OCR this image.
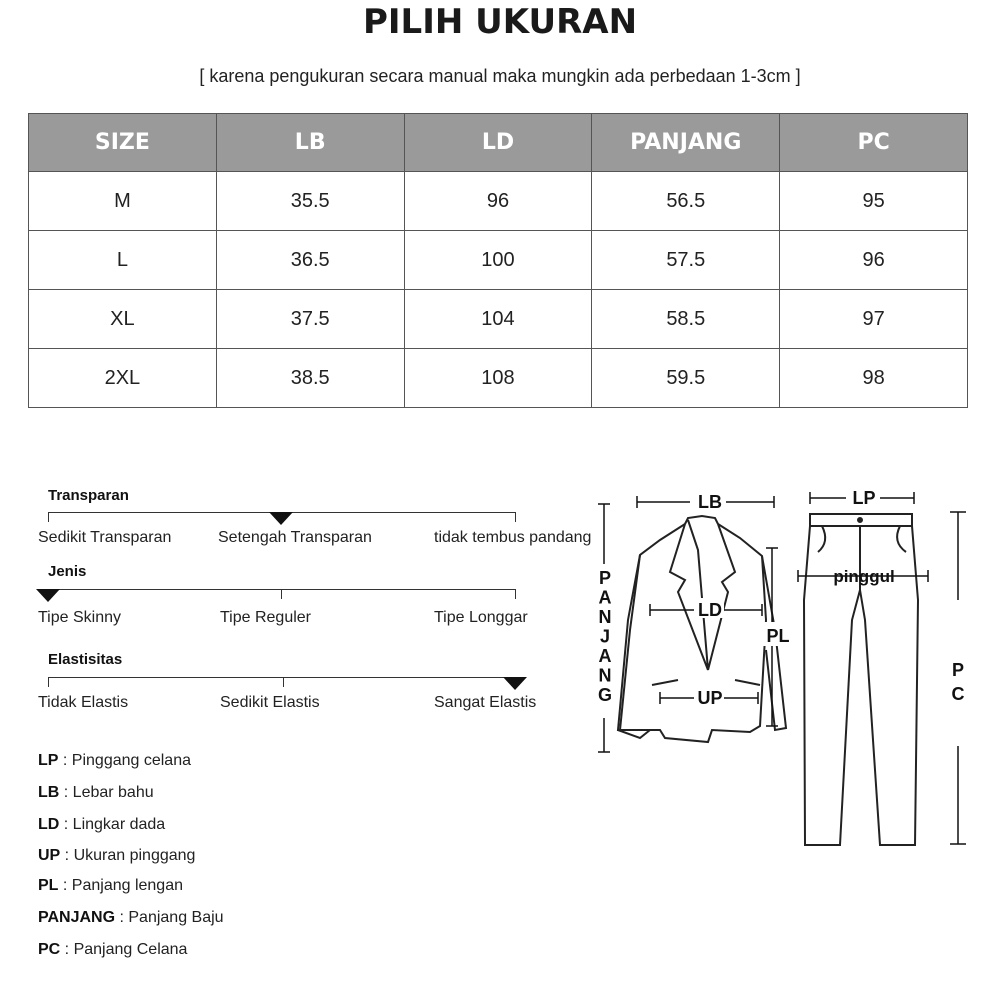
PILIH UKURAN
[ karena pengukuran secara manual maka mungkin ada perbedaan 1-3cm ]
SIZE	LB	LD	PANJANG	PC
M	35.5	96	56.5	95
L	36.5	100	57.5	96
XL	37.5	104	58.5	97
2XL	38.5	108	59.5	98
Transparan
Sedikit Transparan	Setengah Transparan	tidak tembus pandang
Jenis
Tipe Skinny	Tipe Reguler	Tipe Longgar
Elastisitas
Tidak Elastis	Sedikit Elastis	Sangat Elastis
LP : Pinggang celana
LB : Lebar bahu
LD : Lingkar dada
UP : Ukuran pinggang
PL : Panjang lengan
PANJANG : Panjang Baju
PC : Panjang Celana
LB
LD
UP
PL
P A N J A N G
LP
pinggul
P C
